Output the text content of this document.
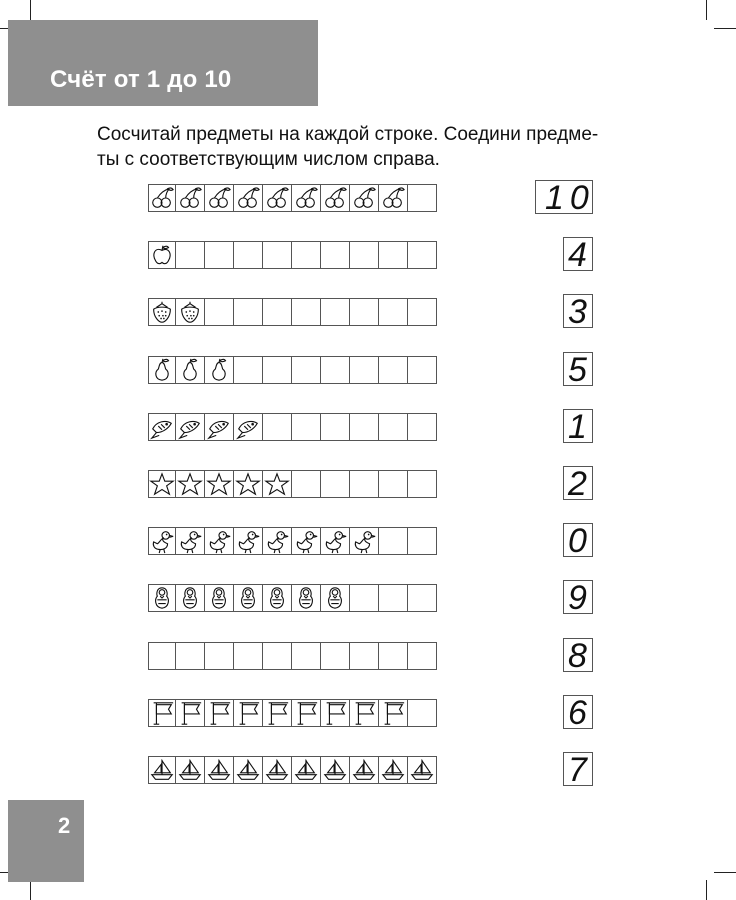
Счёт от 1 до 10
Сосчитай предметы на каждой строке. Соедини предме-
ты с соответствующим числом справа.
2
10
4
3
5
1
2
0
9
8
6
7
